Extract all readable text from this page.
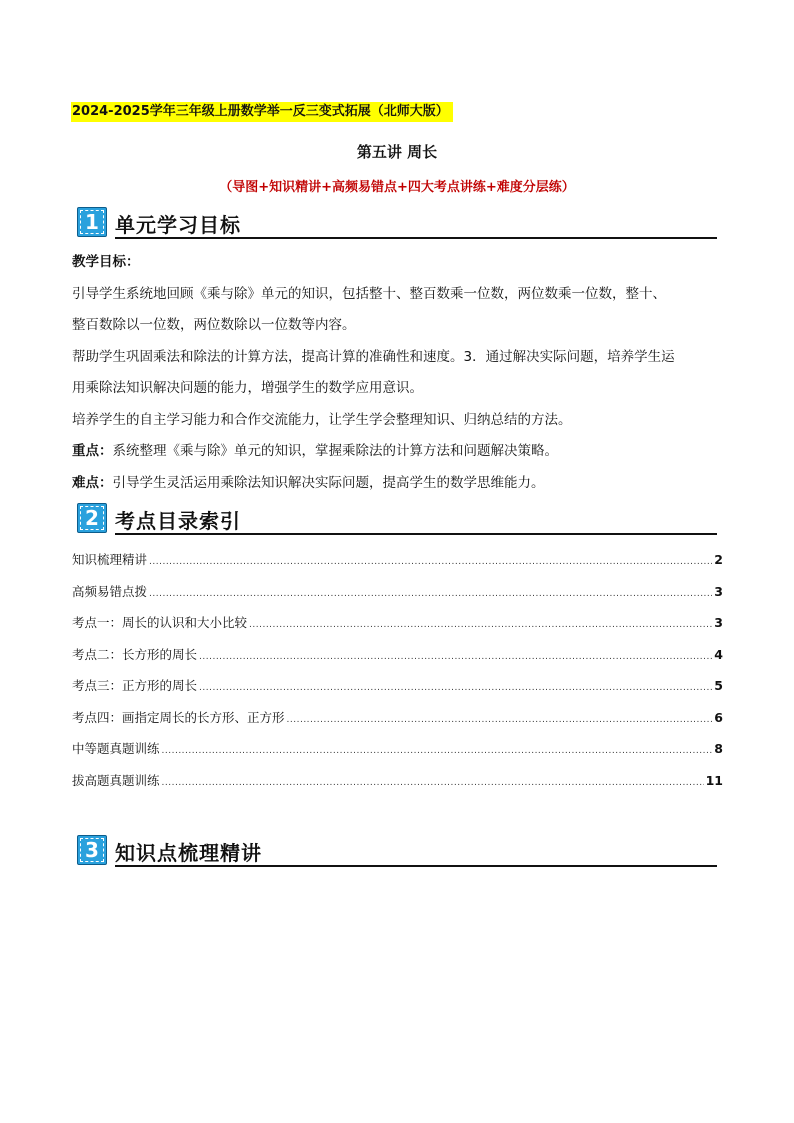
2024-2025学年三年级上册数学举一反三变式拓展（北师大版）
第五讲 周长
（导图+知识精讲+高频易错点+四大考点讲练+难度分层练）
1 单元学习目标

教学目标：

引导学生系统地回顾《乘与除》单元的知识，包括整十、整百数乘一位数，两位数乘一位数，整十、

整百数除以一位数，两位数除以一位数等内容。

帮助学生巩固乘法和除法的计算方法，提高计算的准确性和速度。3．通过解决实际问题，培养学生运

用乘除法知识解决问题的能力，增强学生的数学应用意识。

培养学生的自主学习能力和合作交流能力，让学生学会整理知识、归纳总结的方法。

重点：系统整理《乘与除》单元的知识，掌握乘除法的计算方法和问题解决策略。

难点：引导学生灵活运用乘除法知识解决实际问题，提高学生的数学思维能力。

2 考点目录索引
知识梳理精讲 .....	2
高频易错点拨 .....	3
考点一：周长的认识和大小比较 .....	3
考点二：长方形的周长 .....	4
考点三：正方形的周长 .....	5
考点四：画指定周长的长方形、正方形 .....	6
中等题真题训练 .....	8
拔高题真题训练 .....	11
3 知识点梳理精讲
